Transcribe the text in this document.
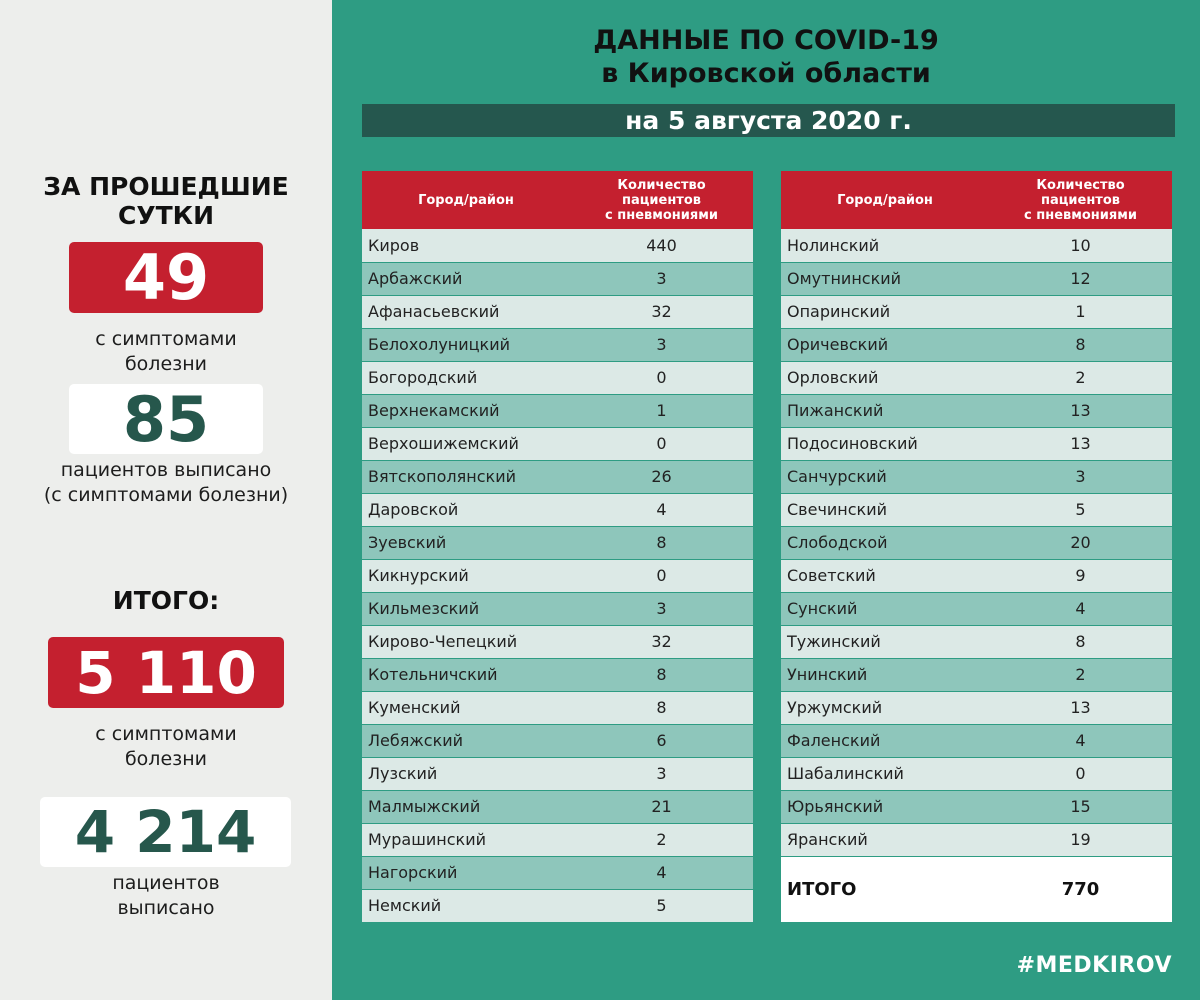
ЗА ПРОШЕДШИЕ
СУТКИ
49
с симптомами
болезни
85
пациентов выписано
(с симптомами болезни)
ИТОГО:
5 110
с симптомами
болезни
4 214
пациентов
выписано
ДАННЫЕ ПО COVID-19
в Кировской области
на 5 августа 2020 г.
Город/район	Количество
пациентов
с пневмониями

Киров	440
Арбажский	3
Афанасьевский	32
Белохолуницкий	3
Богородский	0
Верхнекамский	1
Верхошижемский	0
Вятскополянский	26
Даровской	4
Зуевский	8
Кикнурский	0
Кильмезский	3
Кирово-Чепецкий	32
Котельничский	8
Куменский	8
Лебяжский	6
Лузский	3
Малмыжский	21
Мурашинский	2
Нагорский	4
Немский	5
Город/район	Количество
пациентов
с пневмониями

Нолинский	10
Омутнинский	12
Опаринский	1
Оричевский	8
Орловский	2
Пижанский	13
Подосиновский	13
Санчурский	3
Свечинский	5
Слободской	20
Советский	9
Сунский	4
Тужинский	8
Унинский	2
Уржумский	13
Фаленский	4
Шабалинский	0
Юрьянский	15
Яранский	19
ИТОГО	770
#MEDKIROV
